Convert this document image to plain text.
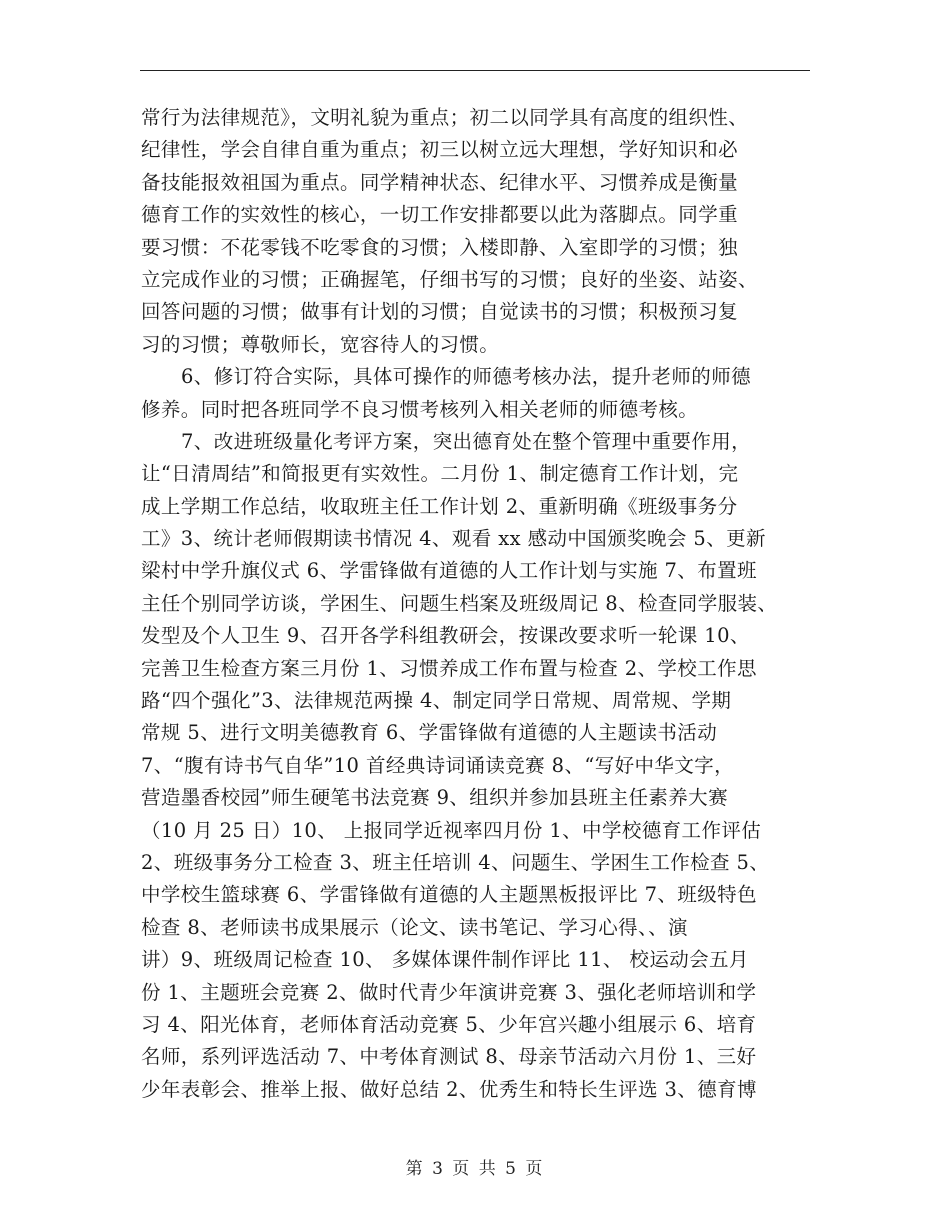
常行为法律规范》，文明礼貌为重点；初二以同学具有高度的组织性、
纪律性，学会自律自重为重点；初三以树立远大理想，学好知识和必
备技能报效祖国为重点。同学精神状态、纪律水平、习惯养成是衡量
德育工作的实效性的核心，一切工作安排都要以此为落脚点。同学重
要习惯：不花零钱不吃零食的习惯；入楼即静、入室即学的习惯；独
立完成作业的习惯；正确握笔，仔细书写的习惯；良好的坐姿、站姿、
回答问题的习惯；做事有计划的习惯；自觉读书的习惯；积极预习复
习的习惯；尊敬师长，宽容待人的习惯。
6、修订符合实际，具体可操作的师德考核办法，提升老师的师德
修养。同时把各班同学不良习惯考核列入相关老师的师德考核。
7、改进班级量化考评方案，突出德育处在整个管理中重要作用，
让“日清周结”和简报更有实效性。二月份 1、制定德育工作计划，完
成上学期工作总结，收取班主任工作计划 2、重新明确《班级事务分
工》3、统计老师假期读书情况 4、观看 xx 感动中国颁奖晚会 5、更新
梁村中学升旗仪式 6、学雷锋做有道德的人工作计划与实施 7、布置班
主任个别同学访谈，学困生、问题生档案及班级周记 8、检查同学服装、
发型及个人卫生 9、召开各学科组教研会，按课改要求听一轮课 10、
完善卫生检查方案三月份 1、习惯养成工作布置与检查 2、学校工作思
路“四个强化”3、法律规范两操 4、制定同学日常规、周常规、学期
常规 5、进行文明美德教育 6、学雷锋做有道德的人主题读书活动
7、“腹有诗书气自华”10 首经典诗词诵读竞赛 8、“写好中华文字，
营造墨香校园”师生硬笔书法竞赛 9、组织并参加县班主任素养大赛
（10 月 25 日）10、 上报同学近视率四月份 1、中学校德育工作评估
2、班级事务分工检查 3、班主任培训 4、问题生、学困生工作检查 5、
中学校生篮球赛 6、学雷锋做有道德的人主题黑板报评比 7、班级特色
检查 8、老师读书成果展示（论文、读书笔记、学习心得、、演
讲）9、班级周记检查 10、 多媒体课件制作评比 11、 校运动会五月
份 1、主题班会竞赛 2、做时代青少年演讲竞赛 3、强化老师培训和学
习 4、阳光体育，老师体育活动竞赛 5、少年宫兴趣小组展示 6、培育
名师，系列评选活动 7、中考体育测试 8、母亲节活动六月份 1、三好
少年表彰会、推举上报、做好总结 2、优秀生和特长生评选 3、德育博
第 3 页 共 5 页
